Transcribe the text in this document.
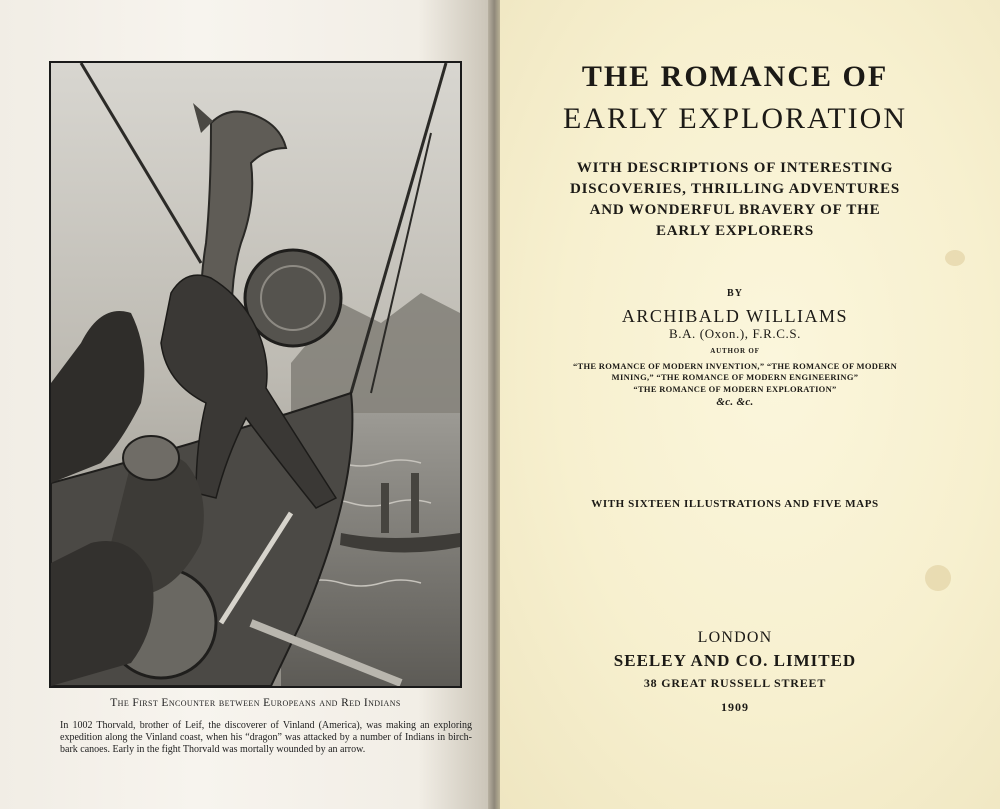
The First Encounter between Europeans and Red Indians
In 1002 Thorvald, brother of Leif, the discoverer of Vinland (America), was making an exploring expedition along the Vinland coast, when his “dragon” was attacked by a number of Indians in birch-bark canoes. Early in the fight Thorvald was mortally wounded by an arrow.
THE ROMANCE OF
EARLY EXPLORATION
WITH DESCRIPTIONS OF INTERESTING
DISCOVERIES, THRILLING ADVENTURES
AND WONDERFUL BRAVERY OF THE
EARLY EXPLORERS
BY
ARCHIBALD WILLIAMS
B.A. (Oxon.), F.R.C.S.
AUTHOR OF
“THE ROMANCE OF MODERN INVENTION,” “THE ROMANCE OF MODERN
MINING,” “THE ROMANCE OF MODERN ENGINEERING”
“THE ROMANCE OF MODERN EXPLORATION”
&c. &c.
WITH SIXTEEN ILLUSTRATIONS AND FIVE MAPS
LONDON
SEELEY AND CO. LIMITED
38 GREAT RUSSELL STREET
1909
